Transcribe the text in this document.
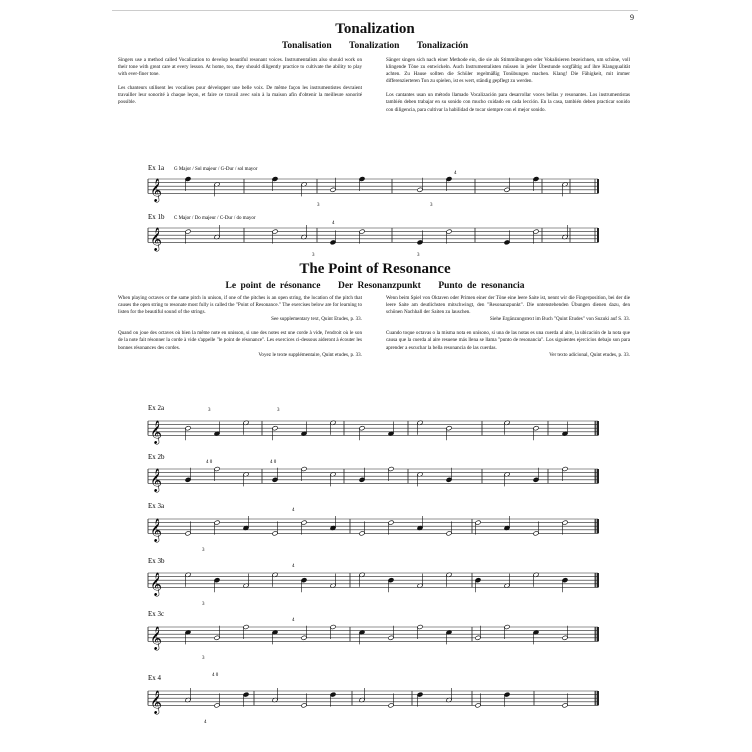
9
Tonalization
Tonalisation Tonalization Tonalización

Singers use a method called Vocalization to develop beautiful resonant voices. Instrumentalists also should work on their tone with great care at every lesson. At home, too, they should diligently practice to cultivate the ability to play with ever-finer tone.

Les chanteurs utilisent les vocalises pour développer une belle voix. De même façon les instrumentistes devraient travailler leur sonorité à chaque leçon, et faire ce travail avec soin à la maison afin d'obtenir la meilleure sonorité possible.

Sänger singen sich nach einer Methode ein, die sie als Stimmübungen oder Vokalisieren bezeichnen, um schöne, voll klingende Töne zu entwickeln. Auch Instrumentalisten müssen in jeder Übestunde sorgfältig auf ihre Klangqualität achten. Zu Hause sollten die Schüler regelmäßig Tonübungen machen. Klang! Die Fähigkeit, mit immer differenzierteren Ton zu spielen, ist es wert, ständig gepflegt zu werden.

Los cantantes usan un método llamado Vocalización para desarrollar voces bellas y resonantes. Los instrumentistas también deben trabajar en su sonido con mucho cuidado en cada lección. En la casa, también deben practicar sonido con diligencia, para cultivar la habilidad de tocar siempre con el mejor sonido.

The Point of Resonance
Le point de résonance Der Resonanzpunkt Punto de resonancia

When playing octaves or the same pitch in unison, if one of the pitches is an open string, the location of the pitch that causes the open string to resonate most fully is called the "Point of Resonance." The exercises below are for learning to listen for the beautiful sound of the strings.

See supplementary text, Quint Etudes, p. 33.

Quand on joue des octaves où bien la même note en unisson, si une des notes est une corde à vide, l'endroit où le son de la note fait résonner la corde à vide s'appelle "le point de résonance". Les exercices ci-dessous aideront à écouter les bonnes résonances des cordes.

Voyez le texte supplémentaire, Quint etudes, p. 33.

Wenn beim Spiel von Oktaven oder Primen einer der Töne eine leere Saite ist, nennt wir die Fingerposition, bei der die leere Saite am deutlichsten mitschwingt, den "Resonanzpunkt". Die untenstehenden Übungen dienen dazu, den schönen Nachhall der Saiten zu lauschen.

Siehe Ergänzungstext im Buch "Quint Etudes" von Suzuki auf S. 33.

Cuando toque octavas o la misma nota en unísono, si una de las notas es una cuerda al aire, la ubicación de la nota que causa que la cuerda al aire resuene más llena se llama "punto de resonancia". Los siguientes ejercicios debajo son para aprender a escuchar la bella resonancia de las cuerdas.

Ver texto adicional, Quint etudes, p. 33.

Ex 1a G Major / Sol majeur / G-Dur / sol mayor
𝄞
3	3
4
Ex 1b C Major / Do majeur / C-Dur / do mayor
𝄞
3	3
4
Ex 2a
𝄞
3	3
Ex 2b
𝄞
4 0	4 0
Ex 3a
𝄞
3
4
Ex 3b
𝄞
3
4
Ex 3c
𝄞
3
4
Ex 4
𝄞
4
4 0
